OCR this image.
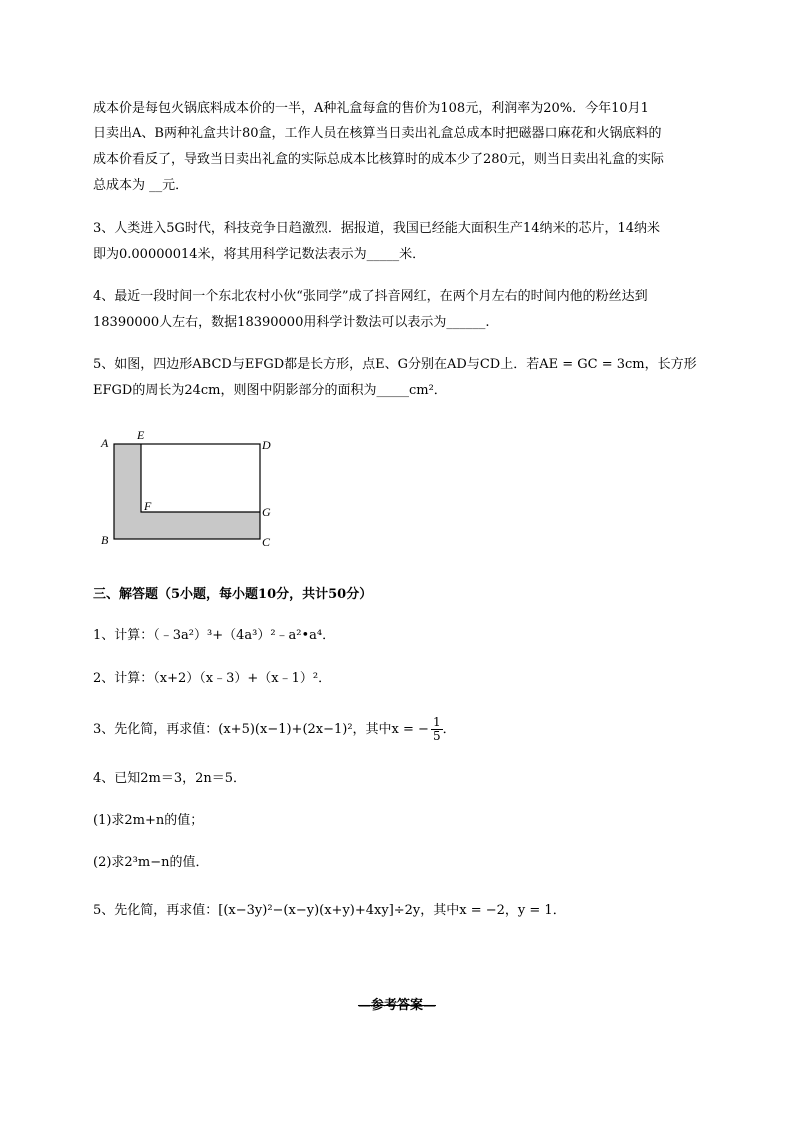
成本价是每包火锅底料成本价的一半，A种礼盒每盒的售价为108元，利润率为20%．今年10月1
日卖出A、B两种礼盒共计80盒，工作人员在核算当日卖出礼盒总成本时把磁器口麻花和火锅底料的
成本价看反了，导致当日卖出礼盒的实际总成本比核算时的成本少了280元，则当日卖出礼盒的实际
总成本为 __元．
3、人类进入5G时代，科技竞争日趋激烈．据报道，我国已经能大面积生产14纳米的芯片，14纳米
即为0.00000014米，将其用科学记数法表示为_____米．
4、最近一段时间一个东北农村小伙“张同学”成了抖音网红，在两个月左右的时间内他的粉丝达到
18390000人左右，数据18390000用科学计数法可以表示为______.
5、如图，四边形ABCD与EFGD都是长方形，点E、G分别在AD与CD上．若AE = GC = 3cm，长方形
EFGD的周长为24cm，则图中阴影部分的面积为_____cm²．
A
E
D
F	G
B	C
三、解答题（5小题，每小题10分，共计50分）
1、计算：（﹣3a²）³+（4a³）²﹣a²•a⁴．
2、计算：（x+2）（x﹣3）+（x﹣1）²．
3、先化简，再求值：(x+5)(x−1)+(2x−1)²，其中x = − $\frac{1}{5}$ ．
4、已知2m＝3，2n＝5．
(1)求2m+n的值；
(2)求2³m−n的值．
5、先化简，再求值：[(x−3y)²−(x−y)(x+y)+4xy]÷2y，其中x = −2，y = 1．
—参考答案—
